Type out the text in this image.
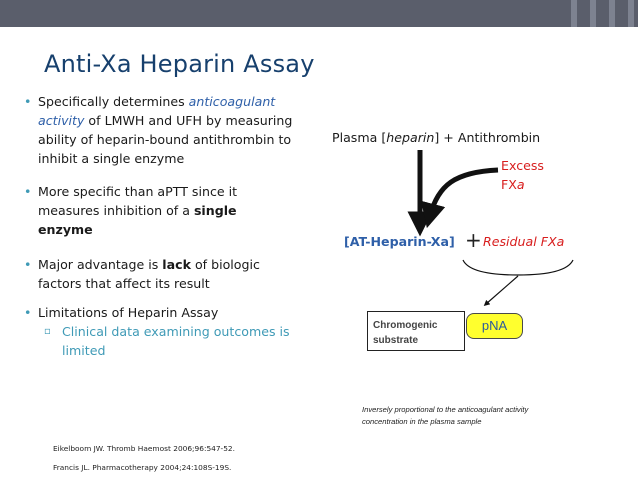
Anti-Xa Heparin Assay
• Specifically determines anticoagulant activity of LMWH and UFH by measuring ability of heparin-bound antithrombin to inhibit a single enzyme
• More specific than aPTT since it measures inhibition of a single enzyme
• Major advantage is lack of biologic factors that affect its result
• Limitations of Heparin Assay
▫ Clinical data examining outcomes is limited
Eikelboom JW. Thromb Haemost 2006;96:547-52.
Francis JL. Pharmacotherapy 2004;24:108S-19S.
Plasma [heparin] + Antithrombin
Excess
FXa
[AT-Heparin-Xa] + Residual FXa
Chromogenic
substrate
pNA
Inversely proportional to the anticoagulant activity
concentration in the plasma sample
